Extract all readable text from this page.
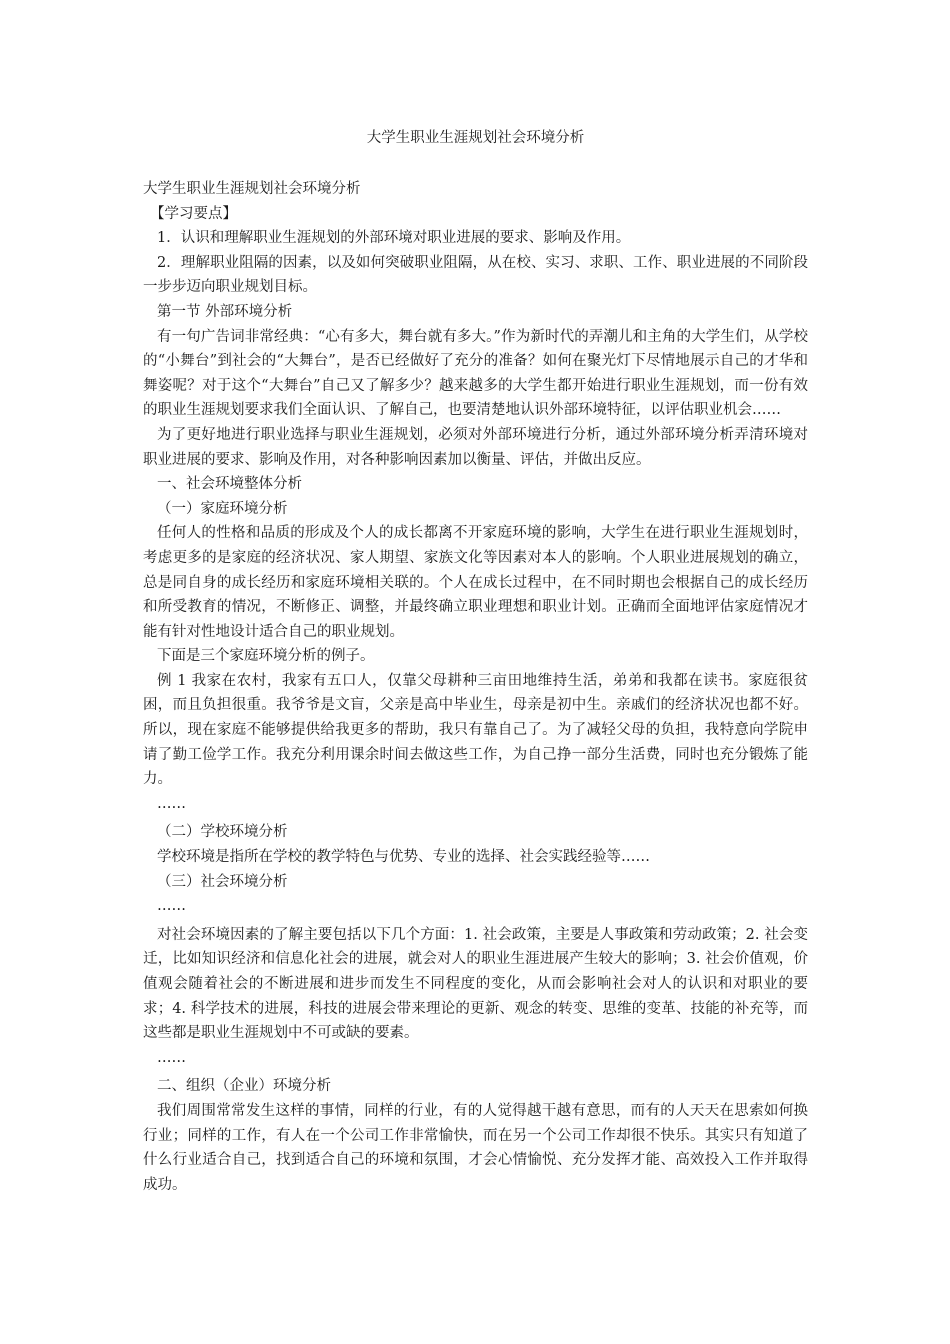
大学生职业生涯规划社会环境分析

大学生职业生涯规划社会环境分析

【学习要点】

1．认识和理解职业生涯规划的外部环境对职业进展的要求、影响及作用。

2．理解职业阻隔的因素，以及如何突破职业阻隔，从在校、实习、求职、工作、职业进展的不同阶段一步步迈向职业规划目标。

第一节 外部环境分析

有一句广告词非常经典：“心有多大，舞台就有多大。”作为新时代的弄潮儿和主角的大学生们，从学校的“小舞台”到社会的“大舞台”，是否已经做好了充分的准备？如何在聚光灯下尽情地展示自己的才华和舞姿呢？对于这个“大舞台”自己又了解多少？越来越多的大学生都开始进行职业生涯规划，而一份有效的职业生涯规划要求我们全面认识、了解自己，也要清楚地认识外部环境特征，以评估职业机会……

为了更好地进行职业选择与职业生涯规划，必须对外部环境进行分析，通过外部环境分析弄清环境对职业进展的要求、影响及作用，对各种影响因素加以衡量、评估，并做出反应。

一、社会环境整体分析

（一）家庭环境分析

任何人的性格和品质的形成及个人的成长都离不开家庭环境的影响，大学生在进行职业生涯规划时，考虑更多的是家庭的经济状况、家人期望、家族文化等因素对本人的影响。个人职业进展规划的确立，总是同自身的成长经历和家庭环境相关联的。个人在成长过程中，在不同时期也会根据自己的成长经历和所受教育的情况，不断修正、调整，并最终确立职业理想和职业计划。正确而全面地评估家庭情况才能有针对性地设计适合自己的职业规划。

下面是三个家庭环境分析的例子。

例 1 我家在农村，我家有五口人，仅靠父母耕种三亩田地维持生活，弟弟和我都在读书。家庭很贫困，而且负担很重。我爷爷是文盲，父亲是高中毕业生，母亲是初中生。亲戚们的经济状况也都不好。所以，现在家庭不能够提供给我更多的帮助，我只有靠自己了。为了减轻父母的负担，我特意向学院申请了勤工俭学工作。我充分利用课余时间去做这些工作，为自己挣一部分生活费，同时也充分锻炼了能力。

……

（二）学校环境分析

学校环境是指所在学校的教学特色与优势、专业的选择、社会实践经验等……

（三）社会环境分析

……

对社会环境因素的了解主要包括以下几个方面：1. 社会政策，主要是人事政策和劳动政策；2. 社会变迁，比如知识经济和信息化社会的进展，就会对人的职业生涯进展产生较大的影响；3. 社会价值观，价值观会随着社会的不断进展和进步而发生不同程度的变化，从而会影响社会对人的认识和对职业的要求；4. 科学技术的进展，科技的进展会带来理论的更新、观念的转变、思维的变革、技能的补充等，而这些都是职业生涯规划中不可或缺的要素。

……

二、组织（企业）环境分析

我们周围常常发生这样的事情，同样的行业，有的人觉得越干越有意思，而有的人天天在思索如何换行业；同样的工作，有人在一个公司工作非常愉快，而在另一个公司工作却很不快乐。其实只有知道了什么行业适合自己，找到适合自己的环境和氛围，才会心情愉悦、充分发挥才能、高效投入工作并取得成功。
